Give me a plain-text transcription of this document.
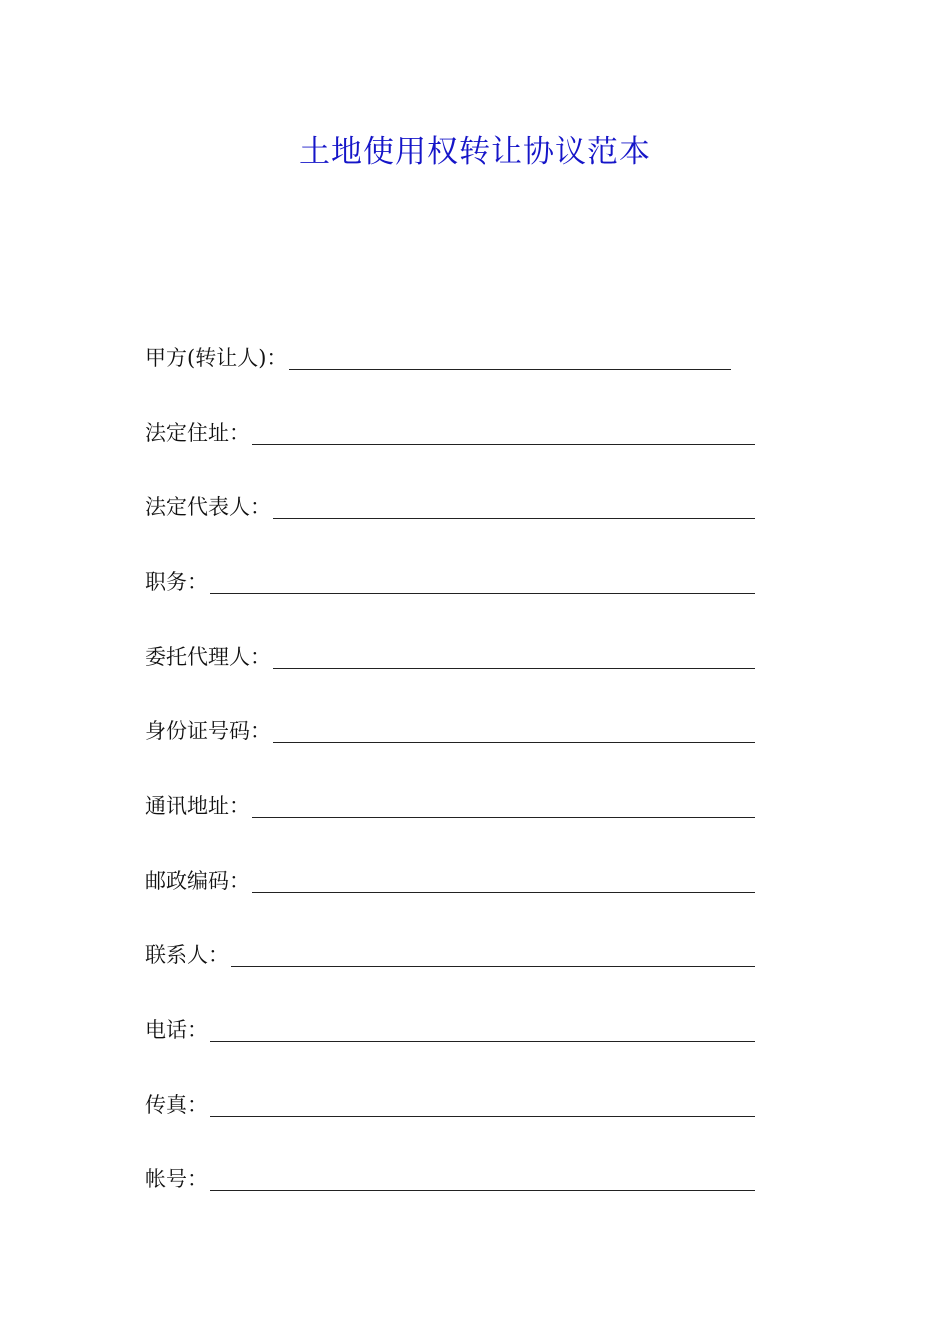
土地使用权转让协议范本
甲方(转让人)：
法定住址：
法定代表人：
职务：
委托代理人：
身份证号码：
通讯地址：
邮政编码：
联系人：
电话：
传真：
帐号：
